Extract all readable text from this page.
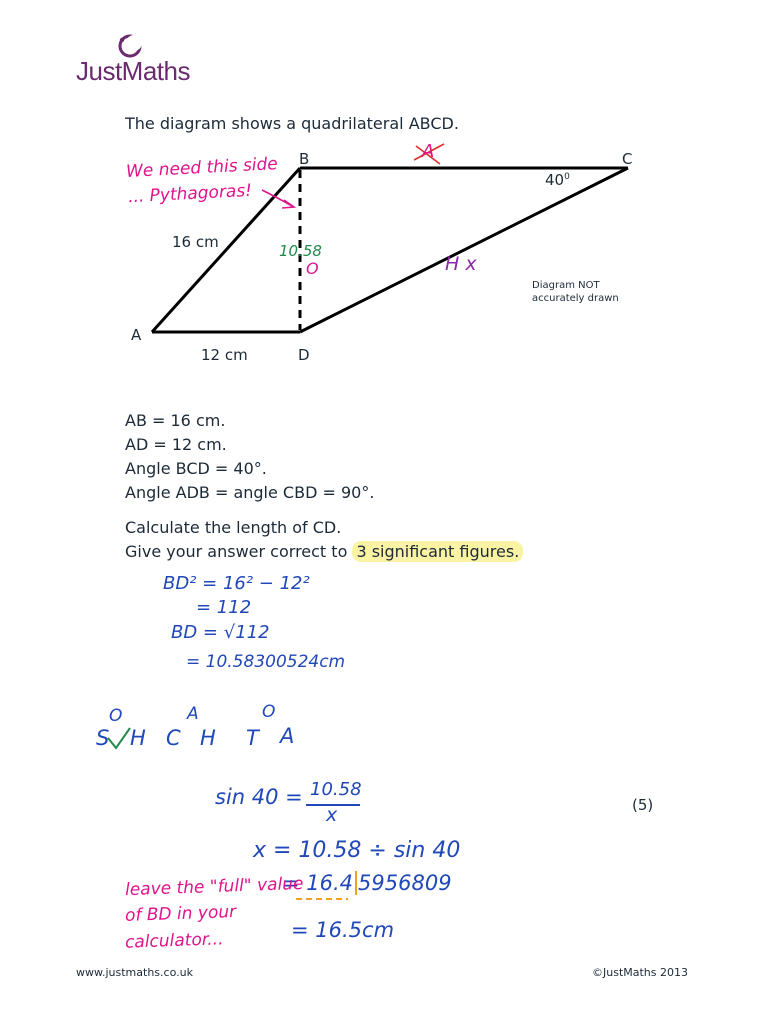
JustMaths
The diagram shows a quadrilateral ABCD.
B	C
A
D
16 cm
12 cm
$40^0$
Diagram NOT
accurately drawn
We need this side
... Pythagoras!
10.58
O
A
H x
AB = 16 cm.
AD = 12 cm.
Angle BCD = 40°.
Angle ADB = angle CBD = 90°.
Calculate the length of CD.
Give your answer correct to 3 significant figures.
BD² = 16² − 12²
= 112
BD = √112
= 10.58300524cm
O	A	O
S H C H T A
sin 40 = 10.58
x	(5)
x = 10.58 ÷ sin 40
= 16.4 5956809
= 16.5cm
leave the "full" value
of BD in your
calculator...
www.justmaths.co.uk	©JustMaths 2013
